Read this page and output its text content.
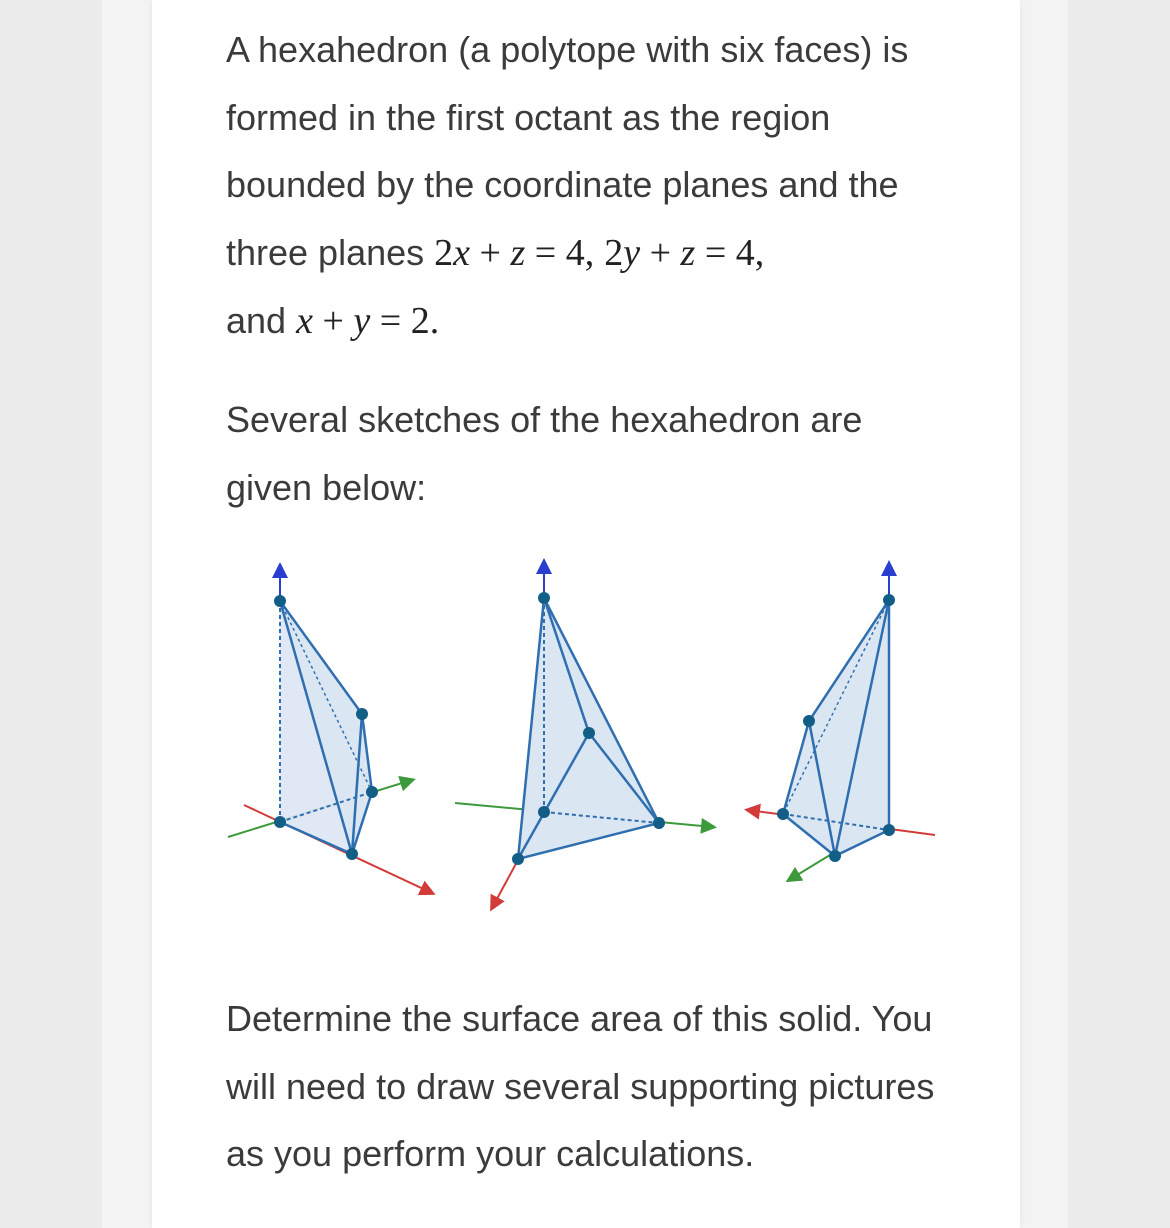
A hexahedron (a polytope with six faces) is formed in the first octant as the region bounded by the coordinate planes and the three planes 2x + z = 4, 2y + z = 4,
and x + y = 2.

Several sketches of the hexahedron are given below:

Determine the surface area of this solid. You will need to draw several supporting pictures as you perform your calculations.
